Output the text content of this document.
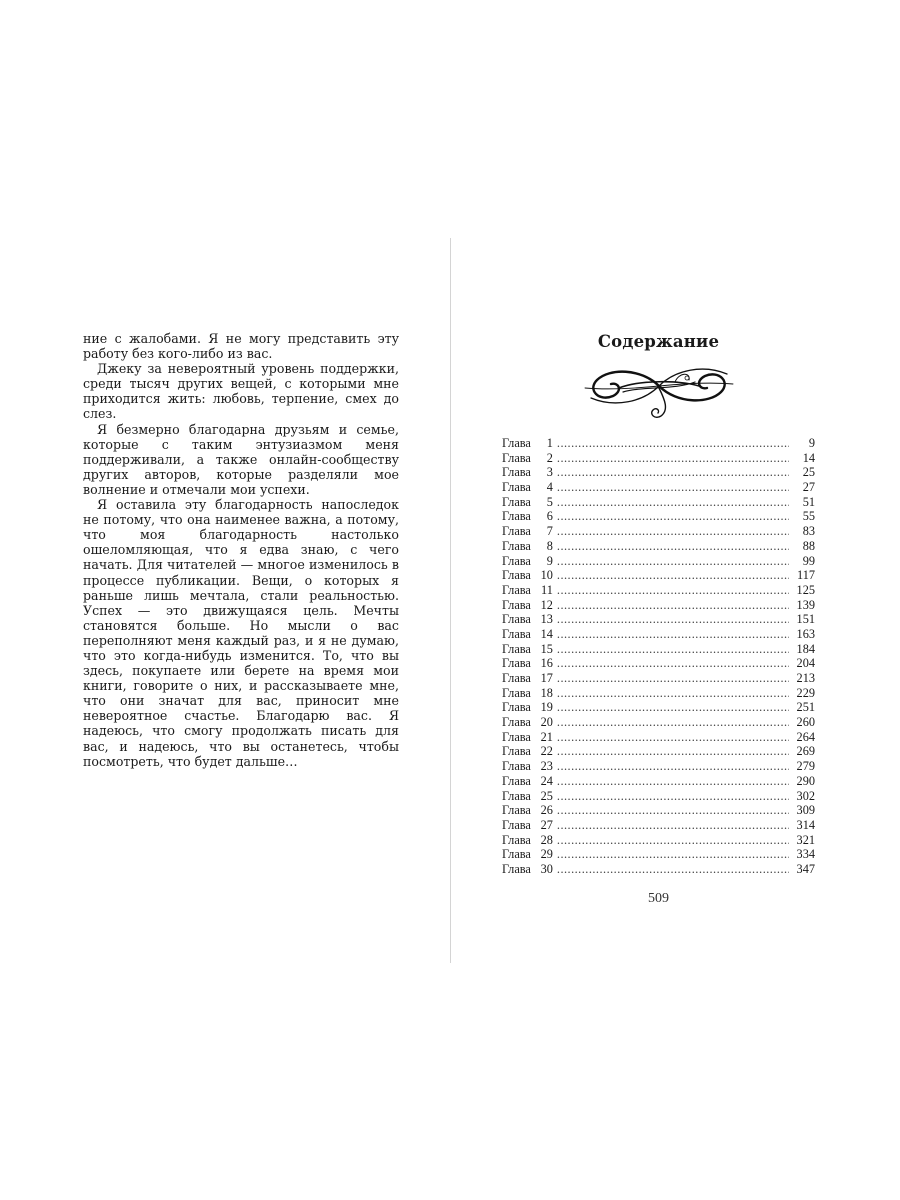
ние с жалобами. Я не могу представить эту работу без кого-либо из вас.

Джеку за невероятный уровень поддержки, среди тысяч других вещей, с которыми мне приходится жить: любовь, терпение, смех до слез.

Я безмерно благодарна друзьям и семье, которые с таким энтузиазмом меня поддерживали, а также онлайн-сообществу других авторов, которые разделяли мое волнение и отмечали мои успехи.

Я оставила эту благодарность напоследок не потому, что она наименее важна, а потому, что моя благодарность настолько ошеломляющая, что я едва знаю, с чего начать. Для читателей — многое изменилось в процессе публикации. Вещи, о которых я раньше лишь мечтала, стали реальностью. Успех — это движущаяся цель. Мечты становятся больше. Но мысли о вас переполняют меня каждый раз, и я не думаю, что это когда-нибудь изменится. То, что вы здесь, покупаете или берете на время мои книги, говорите о них, и рассказываете мне, что они значат для вас, приносит мне невероятное счастье. Благодарю вас. Я надеюсь, что смогу продолжать писать для вас, и надеюсь, что вы останетесь, чтобы посмотреть, что будет дальше…

Содержание
Глава	1 . . .	9
Глава	2 . . .	14
Глава	3 . . .	25
Глава	4 . . .	27
Глава	5 . . .	51
Глава	6 . . .	55
Глава	7 . . .	83
Глава	8 . . .	88
Глава	9 . . .	99
Глава 10 . . .	117
Глава 11 . . .	125
Глава 12 . . .	139
Глава 13 . . .	151
Глава 14 . . .	163
Глава 15 . . .	184
Глава 16 . . .	204
Глава 17 . . .	213
Глава 18 . . .	229
Глава 19 . . .	251
Глава 20 . . .	260
Глава 21 . . .	264
Глава 22 . . .	269
Глава 23 . . .	279
Глава 24 . . .	290
Глава 25 . . .	302
Глава 26 . . .	309
Глава 27 . . .	314
Глава 28 . . .	321
Глава 29 . . .	334
Глава 30 . . .	347
509
